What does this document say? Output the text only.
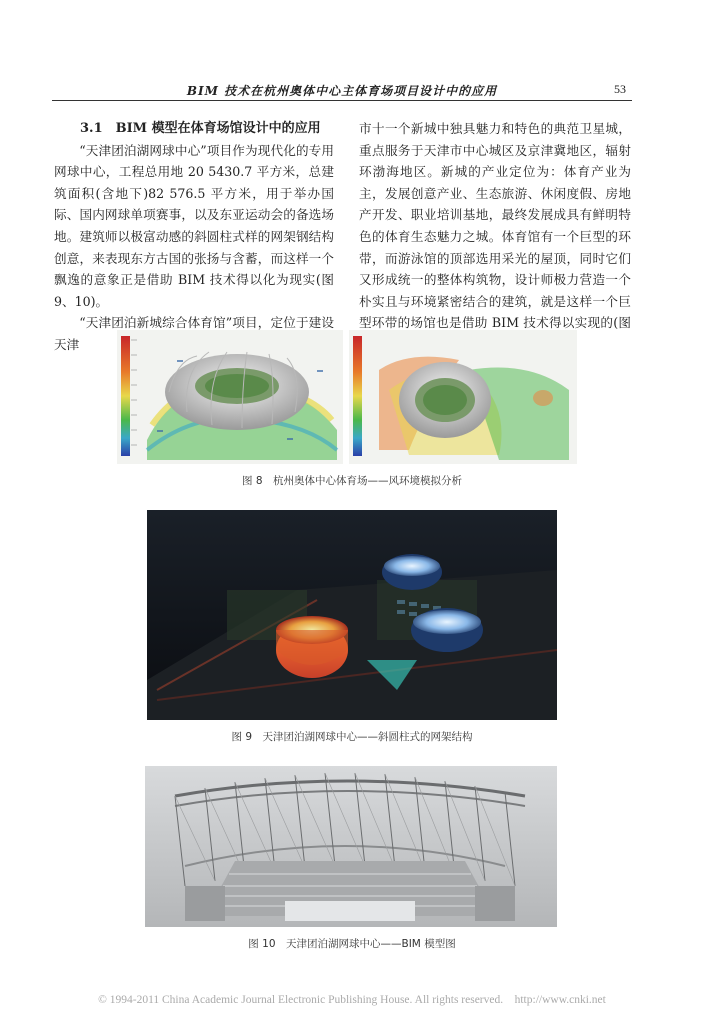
BIM 技术在杭州奥体中心主体育场项目设计中的应用	53

3.1　BIM 模型在体育场馆设计中的应用

“天津团泊湖网球中心”项目作为现代化的专用网球中心，工程总用地 20 5430.7 平方米，总建筑面积(含地下)82 576.5 平方米，用于举办国际、国内网球单项赛事，以及东亚运动会的备选场地。建筑师以极富动感的斜圆柱式样的网架钢结构创意，来表现东方古国的张扬与含蓄，而这样一个飘逸的意象正是借助 BIM 技术得以化为现实(图 9、10)。

“天津团泊新城综合体育馆”项目，定位于建设天津

市十一个新城中独具魅力和特色的典范卫星城，重点服务于天津市中心城区及京津冀地区，辐射环渤海地区。新城的产业定位为：体育产业为主，发展创意产业、生态旅游、休闲度假、房地产开发、职业培训基地，最终发展成具有鲜明特色的体育生态魅力之城。体育馆有一个巨型的环带，而游泳馆的顶部选用采光的屋顶，同时它们又形成统一的整体构筑物，设计师极力营造一个朴实且与环境紧密结合的建筑，就是这样一个巨型环带的场馆也是借助 BIM 技术得以实现的(图

图 8　杭州奥体中心体育场——风环境模拟分析
图 9　天津团泊湖网球中心——斜圆柱式的网架结构
图 10　天津团泊湖网球中心——BIM 模型图
© 1994-2011 China Academic Journal Electronic Publishing House. All rights reserved.　http://www.cnki.net
